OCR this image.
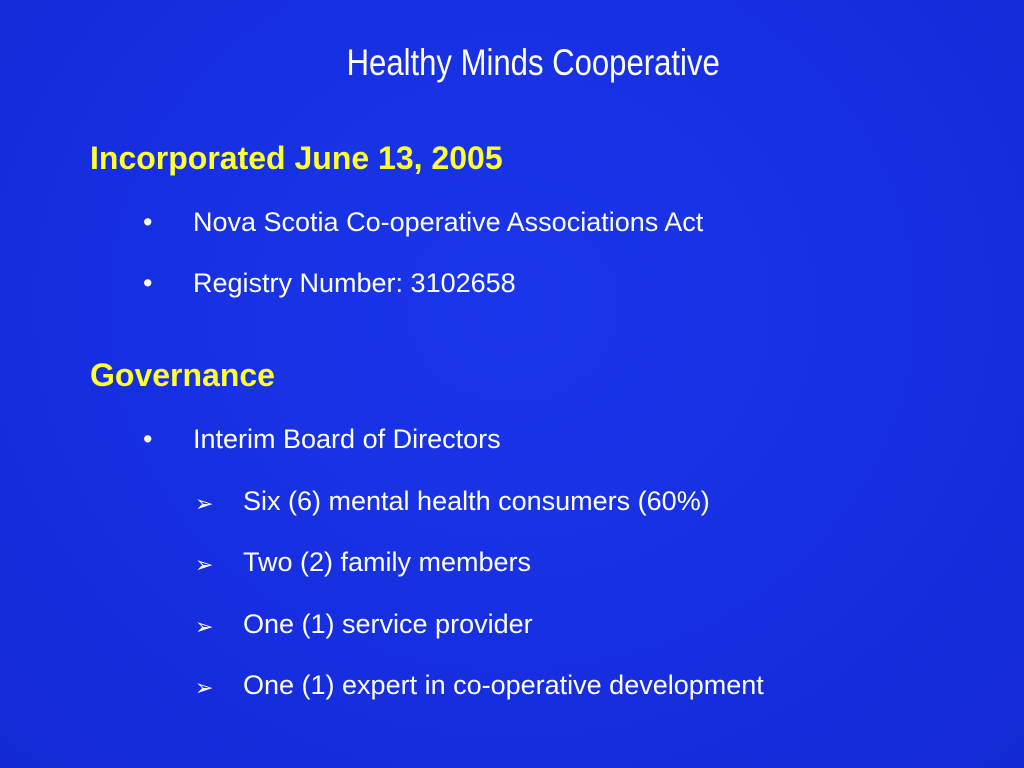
Healthy Minds Cooperative
Incorporated June 13, 2005
• Nova Scotia Co-operative Associations Act
• Registry Number: 3102658
Governance
• Interim Board of Directors
➢ Six (6) mental health consumers (60%)
➢ Two (2) family members
➢ One (1) service provider
➢ One (1) expert in co-operative development
